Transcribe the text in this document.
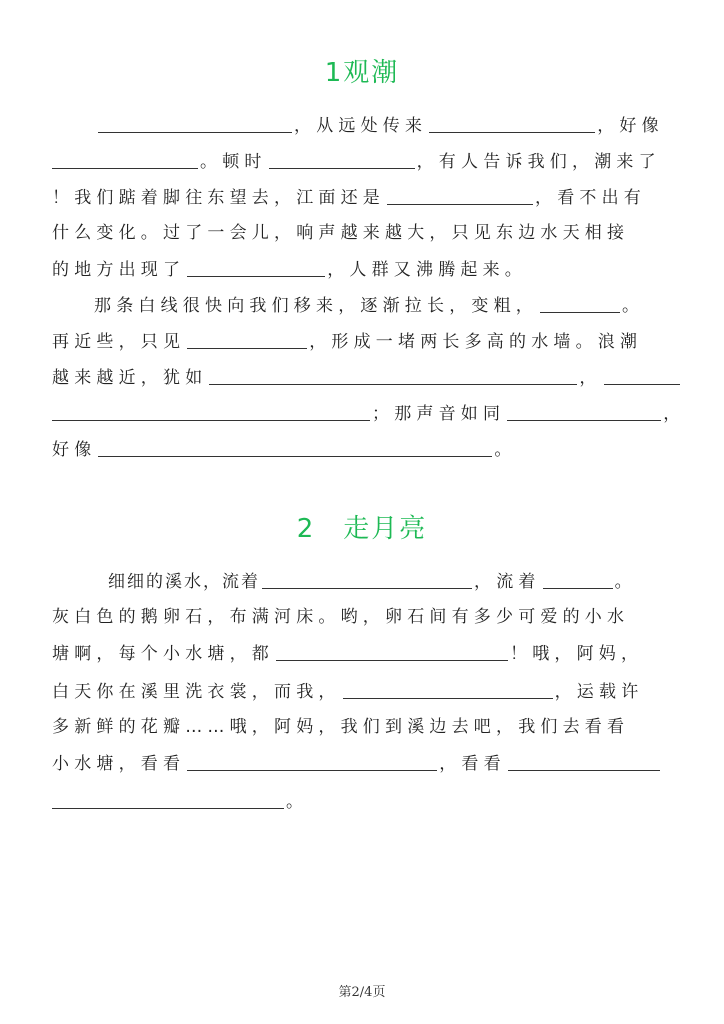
1观潮
，从远处传来	，好像
。顿时	，有人告诉我们，潮来了
！我们踮着脚往东望去，江面还是	，看不出有
什么变化。过了一会儿，响声越来越大，只见东边水天相接
的地方出现了	，人群又沸腾起来。
那条白线很快向我们移来，逐渐拉长，变粗，	。
再近些，只见	，形成一堵两长多高的水墙。浪潮
越来越近，犹如	，
；那声音如同	，
好像	。
2　走月亮
细细的溪水，流着	，流着	。
灰白色的鹅卵石，布满河床。哟，卵石间有多少可爱的小水
塘啊，每个小水塘，都	！哦，阿妈，
白天你在溪里洗衣裳，而我，	，运载许
多新鲜的花瓣……哦，阿妈，我们到溪边去吧，我们去看看
小水塘，看看	，看看
。
第2/4页
